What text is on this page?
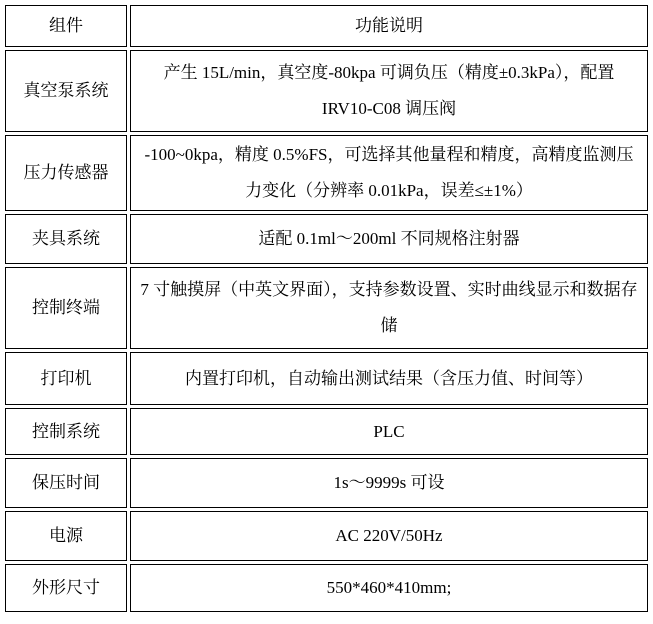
组件	功能说明
真空泵系统	产生 15L/min，真空度-80kpa 可调负压（精度±0.3kPa），配置 IRV10-C08 调压阀
压力传感器	-100~0kpa，精度 0.5%FS，可选择其他量程和精度，高精度监测压力变化（分辨率 0.01kPa，误差≤±1%）
夹具系统	适配 0.1ml～200ml 不同规格注射器
控制终端	7 寸触摸屏（中英文界面），支持参数设置、实时曲线显示和数据存储
打印机	内置打印机，自动输出测试结果（含压力值、时间等）
控制系统	PLC
保压时间	1s～9999s 可设
电源	AC 220V/50Hz
外形尺寸	550*460*410mm;
